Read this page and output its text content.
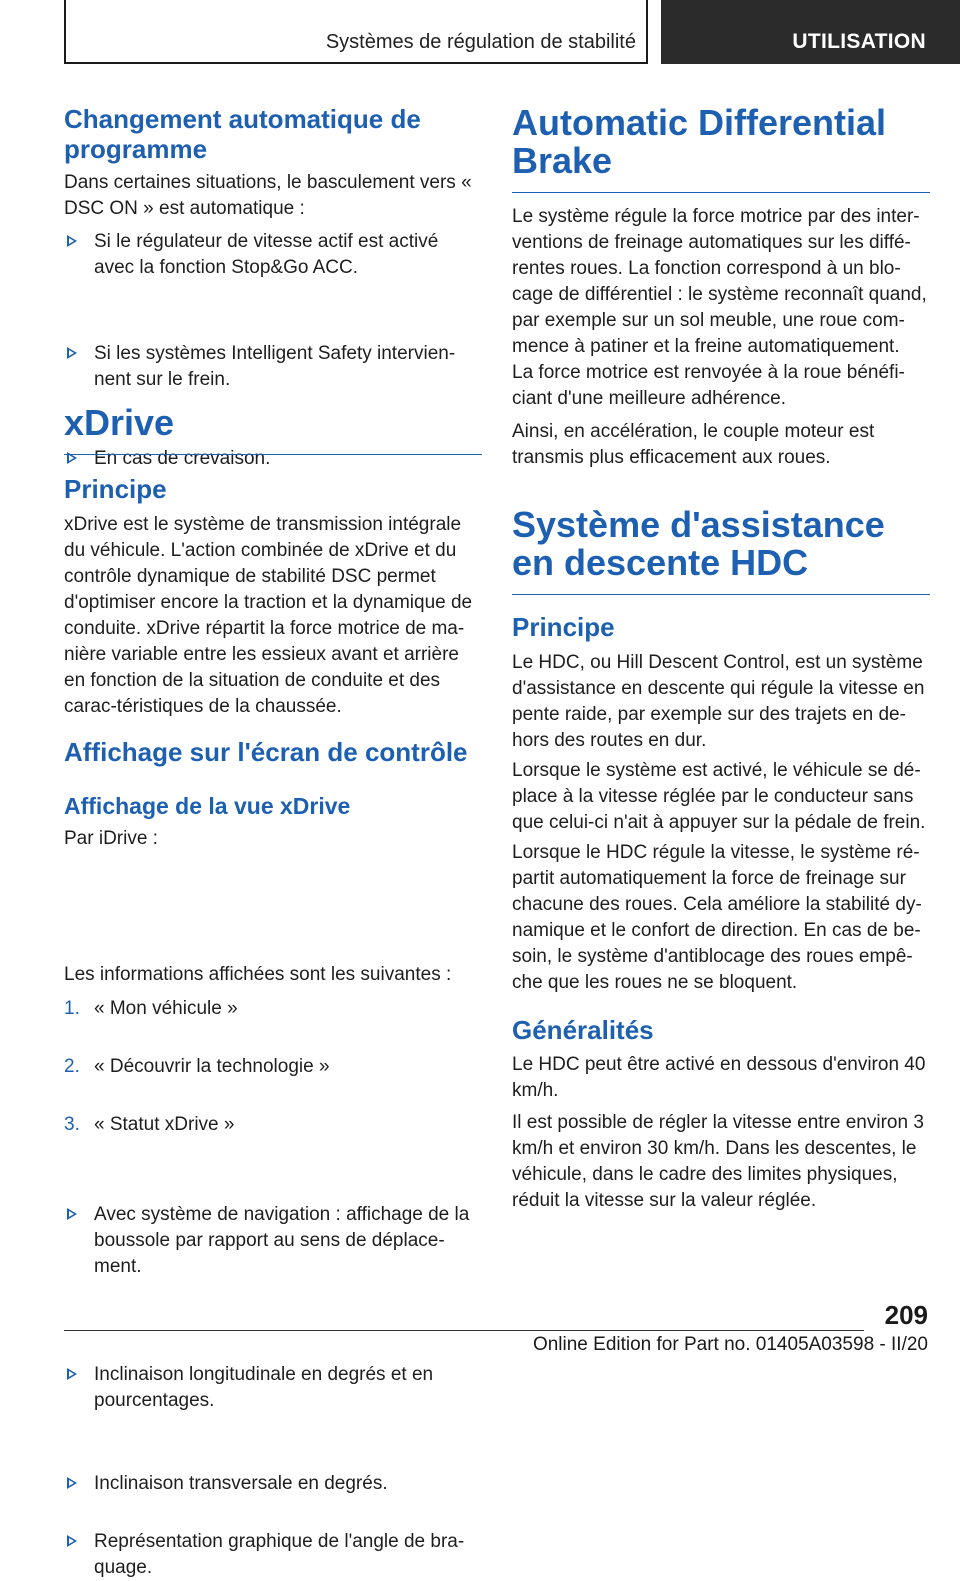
Systèmes de régulation de stabilité	UTILISATION
Changement automatique de programme

Dans certaines situations, le basculement vers « DSC ON » est automatique :

Si le régulateur de vitesse actif est activé avec la fonction Stop&Go ACC.

Si les systèmes Intelligent Safety intervien-nent sur le frein.

En cas de crevaison.

xDrive
Principe

xDrive est le système de transmission intégrale du véhicule. L'action combinée de xDrive et du contrôle dynamique de stabilité DSC permet d'optimiser encore la traction et la dynamique de conduite. xDrive répartit la force motrice de ma-nière variable entre les essieux avant et arrière en fonction de la situation de conduite et des carac-téristiques de la chaussée.

Affichage sur l'écran de contrôle
Affichage de la vue xDrive

Par iDrive :

1. « Mon véhicule »

2. « Découvrir la technologie »

3. « Statut xDrive »

Les informations affichées sont les suivantes :

Avec système de navigation : affichage de la boussole par rapport au sens de déplace-ment.

Inclinaison longitudinale en degrés et en pourcentages.

Inclinaison transversale en degrés.

Représentation graphique de l'angle de bra-quage.

Automatic Differential Brake

Le système régule la force motrice par des inter-ventions de freinage automatiques sur les diffé-rentes roues. La fonction correspond à un blo-cage de différentiel : le système reconnaît quand, par exemple sur un sol meuble, une roue com-mence à patiner et la freine automatiquement.

La force motrice est renvoyée à la roue bénéfi-ciant d'une meilleure adhérence.

Ainsi, en accélération, le couple moteur est transmis plus efficacement aux roues.

Système d'assistance en descente HDC
Principe

Le HDC, ou Hill Descent Control, est un système d'assistance en descente qui régule la vitesse en pente raide, par exemple sur des trajets en de-hors des routes en dur.

Lorsque le système est activé, le véhicule se dé-place à la vitesse réglée par le conducteur sans que celui-ci n'ait à appuyer sur la pédale de frein.

Lorsque le HDC régule la vitesse, le système ré-partit automatiquement la force de freinage sur chacune des roues. Cela améliore la stabilité dy-namique et le confort de direction. En cas de be-soin, le système d'antiblocage des roues empê-che que les roues ne se bloquent.

Généralités

Le HDC peut être activé en dessous d'environ 40 km/h.

Il est possible de régler la vitesse entre environ 3 km/h et environ 30 km/h. Dans les descentes, le véhicule, dans le cadre des limites physiques, réduit la vitesse sur la valeur réglée.

209
Online Edition for Part no. 01405A03598 - II/20
